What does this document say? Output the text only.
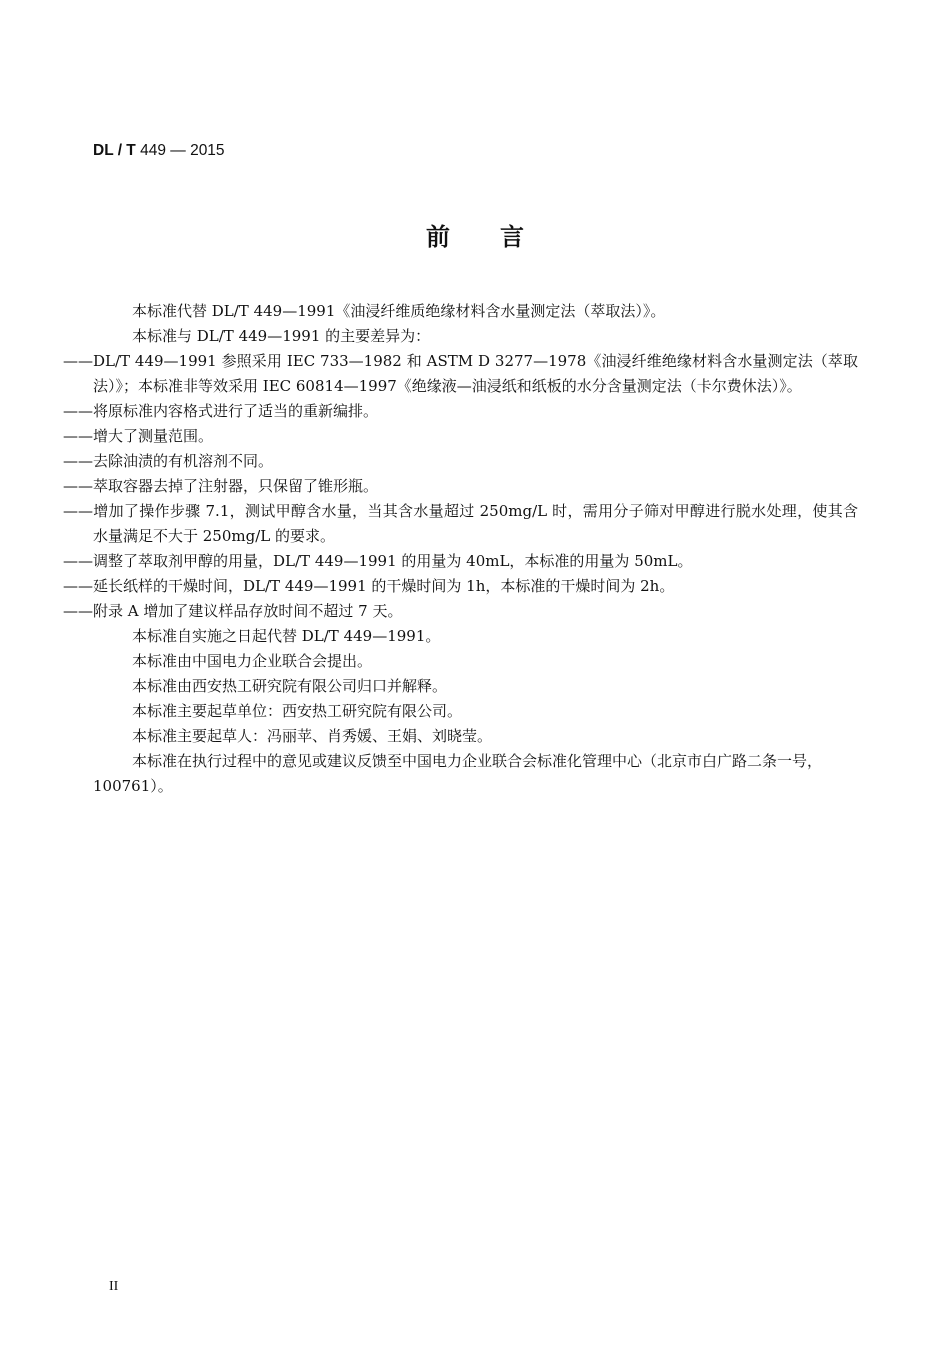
DL / T 449 — 2015
前言

本标准代替 DL/T 449—1991《油浸纤维质绝缘材料含水量测定法（萃取法）》。

本标准与 DL/T 449—1991 的主要差异为：

——DL/T 449—1991 参照采用 IEC 733—1982 和 ASTM D 3277—1978《油浸纤维绝缘材料含水量测定法（萃取法）》；本标准非等效采用 IEC 60814—1997《绝缘液—油浸纸和纸板的水分含量测定法（卡尔费休法）》。

——将原标准内容格式进行了适当的重新编排。

——增大了测量范围。

——去除油渍的有机溶剂不同。

——萃取容器去掉了注射器，只保留了锥形瓶。

——增加了操作步骤 7.1，测试甲醇含水量，当其含水量超过 250mg/L 时，需用分子筛对甲醇进行脱水处理，使其含水量满足不大于 250mg/L 的要求。

——调整了萃取剂甲醇的用量，DL/T 449—1991 的用量为 40mL，本标准的用量为 50mL。

——延长纸样的干燥时间，DL/T 449—1991 的干燥时间为 1h，本标准的干燥时间为 2h。

——附录 A 增加了建议样品存放时间不超过 7 天。

本标准自实施之日起代替 DL/T 449—1991。

本标准由中国电力企业联合会提出。

本标准由西安热工研究院有限公司归口并解释。

本标准主要起草单位：西安热工研究院有限公司。

本标准主要起草人：冯丽苹、肖秀媛、王娟、刘晓莹。

本标准在执行过程中的意见或建议反馈至中国电力企业联合会标准化管理中心（北京市白广路二条一号，100761）。

II
